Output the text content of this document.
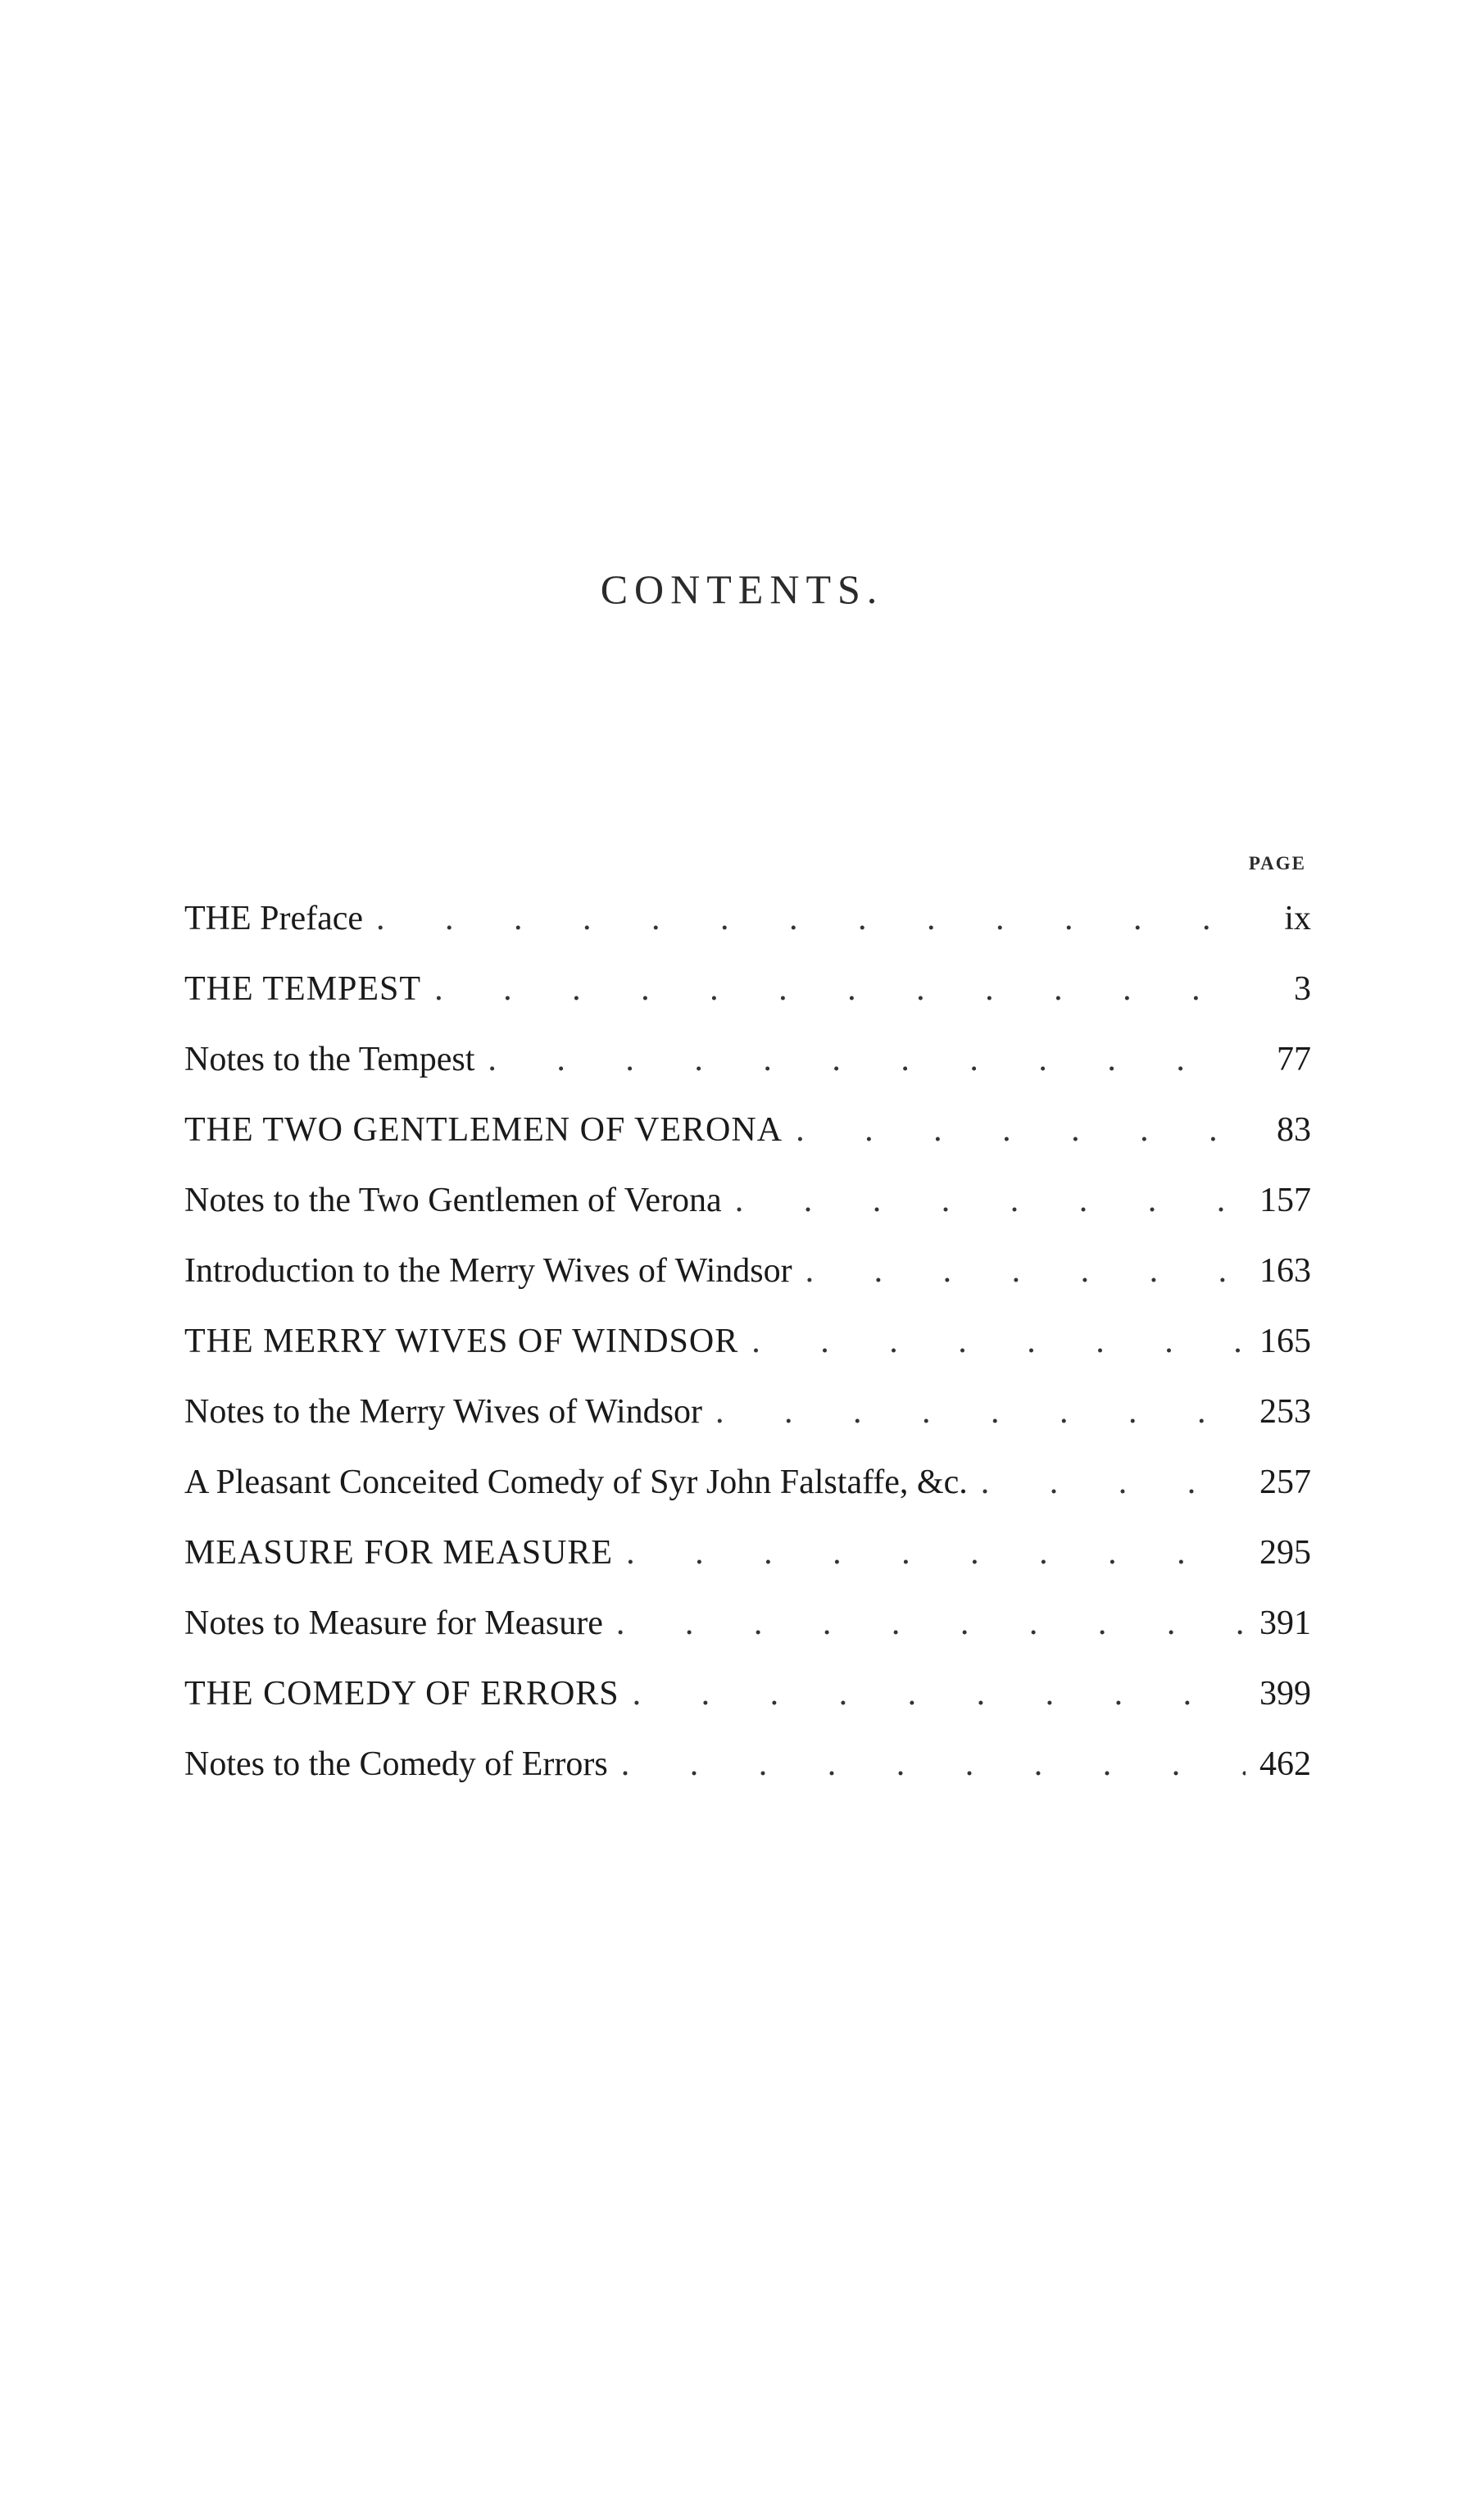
CONTENTS.
PAGE
THE Preface .	ix
THE TEMPEST .	3
Notes to the Tempest .	77
THE TWO GENTLEMEN OF VERONA .	83
Notes to the Two Gentlemen of Verona .	157
Introduction to the Merry Wives of Windsor .	163
THE MERRY WIVES OF WINDSOR .	165
Notes to the Merry Wives of Windsor .	253
A Pleasant Conceited Comedy of Syr John Falstaffe, &c. .	257
MEASURE FOR MEASURE .	295
Notes to Measure for Measure .	391
THE COMEDY OF ERRORS .	399
Notes to the Comedy of Errors .	462
